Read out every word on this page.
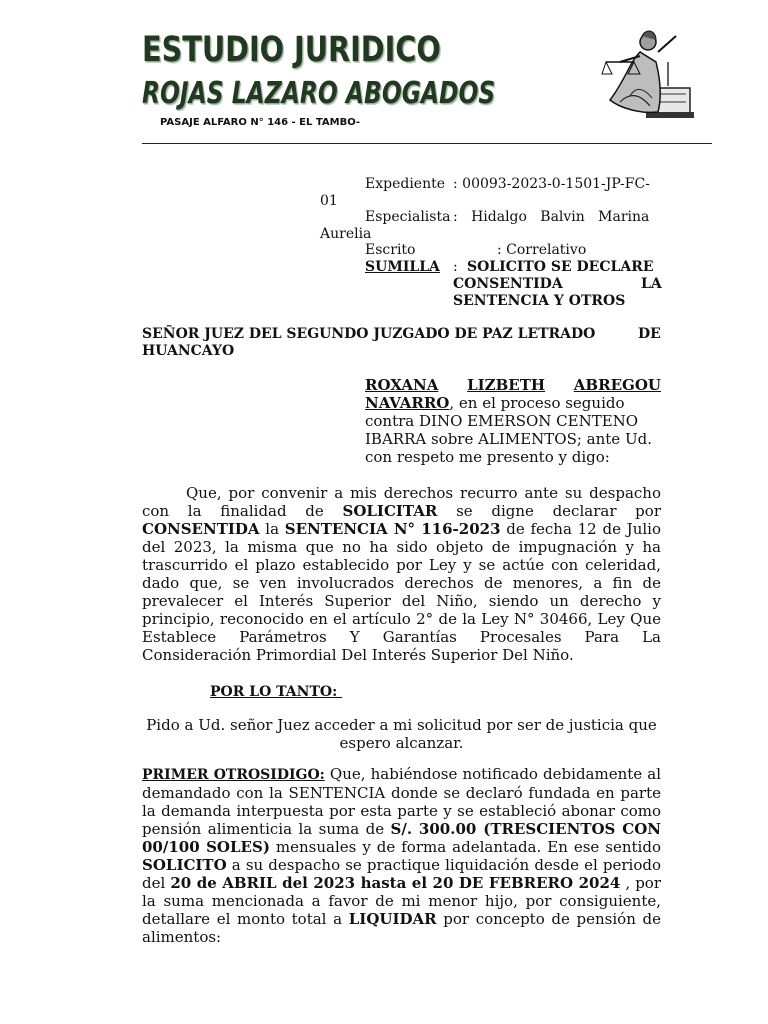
ESTUDIO JURIDICO
ROJAS LAZARO ABOGADOS
PASAJE ALFARO N° 146 - EL TAMBO-
Expediente : 00093-2023-0-1501-JP-FC-
01
Especialista :   Hidalgo   Balvin   Marina
Aurelia
Escrito	: Correlativo
SUMILLA : SOLICITO SE DECLARE
CONSENTIDA	LA
SENTENCIA Y OTROS
SEÑOR JUEZ DEL SEGUNDO JUZGADO DE PAZ LETRADO	DE
HUANCAYO
ROXANA LIZBETH ABREGOU
NAVARRO, en el proceso seguido
contra DINO EMERSON CENTENO
IBARRA sobre ALIMENTOS; ante Ud.
con respeto me presento y digo:
Que, por convenir a mis derechos recurro ante su despacho
con la finalidad de SOLICITAR se digne declarar por
CONSENTIDA la SENTENCIA N° 116-2023 de fecha 12 de Julio
del 2023, la misma que no ha sido objeto de impugnación y ha
trascurrido el plazo establecido por Ley y se actúe con celeridad,
dado que, se ven involucrados derechos de menores, a fin de
prevalecer el Interés Superior del Niño, siendo un derecho y
principio, reconocido en el artículo 2° de la Ley N° 30466, Ley Que
Establece Parámetros Y Garantías Procesales Para La
Consideración Primordial Del Interés Superior Del Niño.
POR LO TANTO:
Pido a Ud. señor Juez acceder a mi solicitud por ser de justicia que
espero alcanzar.
PRIMER OTROSIDIGO: Que, habiéndose notificado debidamente al
demandado con la SENTENCIA donde se declaró fundada en parte
la demanda interpuesta por esta parte y se estableció abonar como
pensión alimenticia la suma de S/. 300.00 (TRESCIENTOS CON
00/100 SOLES) mensuales y de forma adelantada. En ese sentido
SOLICITO a su despacho se practique liquidación desde el periodo
del 20 de ABRIL del 2023 hasta el 20 DE FEBRERO 2024 , por
la suma mencionada a favor de mi menor hijo, por consiguiente,
detallare el monto total a LIQUIDAR por concepto de pensión de
alimentos:
